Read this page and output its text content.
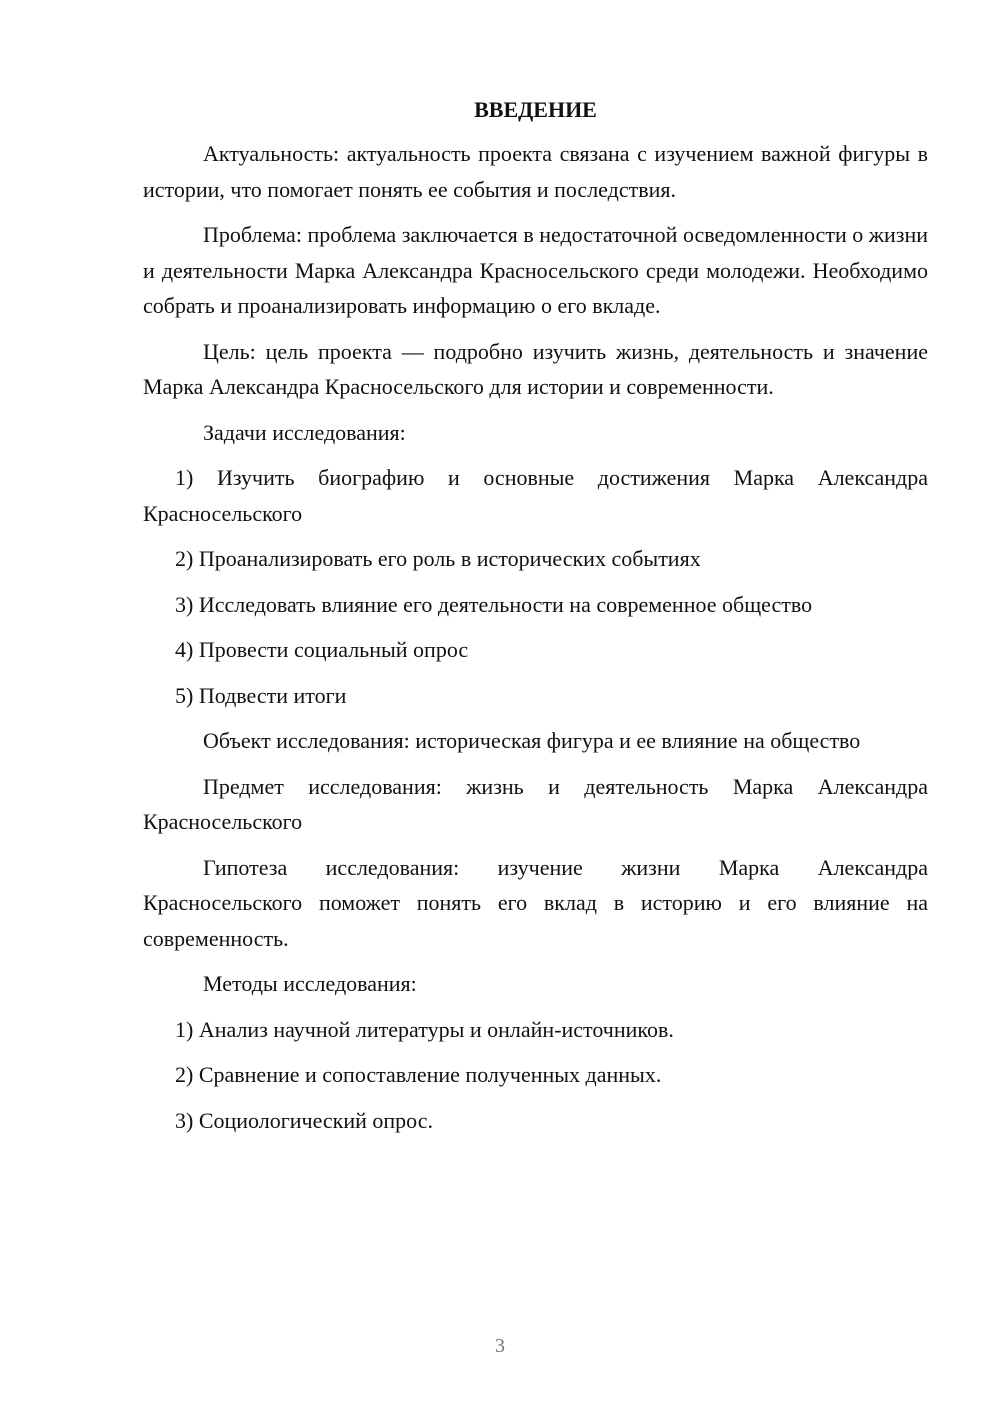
ВВЕДЕНИЕ

Актуальность: актуальность проекта связана с изучением важной фигуры в истории, что помогает понять ее события и последствия.

Проблема: проблема заключается в недостаточной осведомленности о жизни и деятельности Марка Александра Красносельского среди молодежи. Необходимо собрать и проанализировать информацию о его вкладе.

Цель: цель проекта — подробно изучить жизнь, деятельность и значение Марка Александра Красносельского для истории и современности.

Задачи исследования:

1) Изучить биографию и основные достижения Марка Александра Красносельского

2) Проанализировать его роль в исторических событиях

3) Исследовать влияние его деятельности на современное общество

4) Провести социальный опрос

5) Подвести итоги

Объект исследования: историческая фигура и ее влияние на общество

Предмет исследования: жизнь и деятельность Марка Александра Красносельского

Гипотеза исследования: изучение жизни Марка Александра Красносельского поможет понять его вклад в историю и его влияние на современность.

Методы исследования:

1) Анализ научной литературы и онлайн-источников.

2) Сравнение и сопоставление полученных данных.

3) Социологический опрос.

3
